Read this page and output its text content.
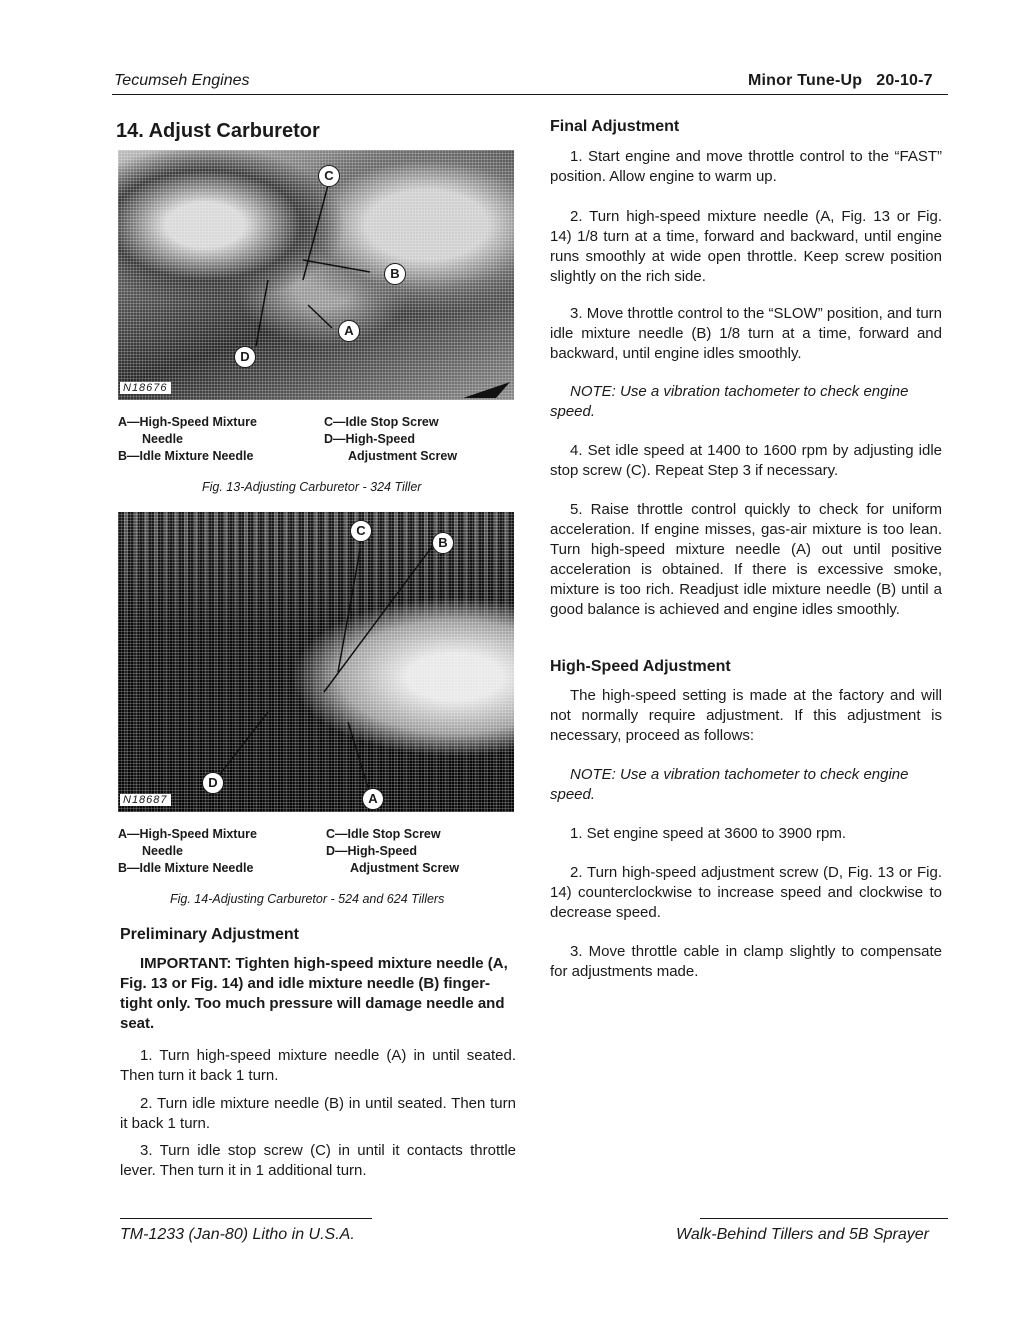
Tecumseh Engines	Minor Tune-Up   20-10-7
14. Adjust Carburetor
C
B
A
D
N18676
A—High-Speed Mixture
Needle
B—Idle Mixture Needle
C—Idle Stop Screw
D—High-Speed
Adjustment Screw
Fig. 13-Adjusting Carburetor - 324 Tiller
C
B
D
A
N18687
A—High-Speed Mixture
Needle
B—Idle Mixture Needle
C—Idle Stop Screw
D—High-Speed
Adjustment Screw
Fig. 14-Adjusting Carburetor - 524 and 624 Tillers
Preliminary Adjustment
IMPORTANT: Tighten high-speed mixture needle (A, Fig. 13 or Fig. 14) and idle mixture needle (B) finger-tight only. Too much pressure will damage needle and seat.
1. Turn high-speed mixture needle (A) in until seated. Then turn it back 1 turn.
2. Turn idle mixture needle (B) in until seated. Then turn it back 1 turn.
3. Turn idle stop screw (C) in until it contacts throttle lever. Then turn it in 1 additional turn.
Final Adjustment
1. Start engine and move throttle control to the “FAST” position. Allow engine to warm up.
2. Turn high-speed mixture needle (A, Fig. 13 or Fig. 14) 1/8 turn at a time, forward and backward, until engine runs smoothly at wide open throttle. Keep screw position slightly on the rich side.
3. Move throttle control to the “SLOW” position, and turn idle mixture needle (B) 1/8 turn at a time, forward and backward, until engine idles smoothly.
NOTE: Use a vibration tachometer to check engine speed.
4. Set idle speed at 1400 to 1600 rpm by adjusting idle stop screw (C). Repeat Step 3 if necessary.
5. Raise throttle control quickly to check for uniform acceleration. If engine misses, gas-air mixture is too lean. Turn high-speed mixture needle (A) out until positive acceleration is obtained. If there is excessive smoke, mixture is too rich. Readjust idle mixture needle (B) until a good balance is achieved and engine idles smoothly.
High-Speed Adjustment
The high-speed setting is made at the factory and will not normally require adjustment. If this adjustment is necessary, proceed as follows:
NOTE: Use a vibration tachometer to check engine speed.
1. Set engine speed at 3600 to 3900 rpm.
2. Turn high-speed adjustment screw (D, Fig. 13 or Fig. 14) counterclockwise to increase speed and clockwise to decrease speed.
3. Move throttle cable in clamp slightly to compensate for adjustments made.
TM-1233 (Jan-80) Litho in U.S.A.	Walk-Behind Tillers and 5B Sprayer
